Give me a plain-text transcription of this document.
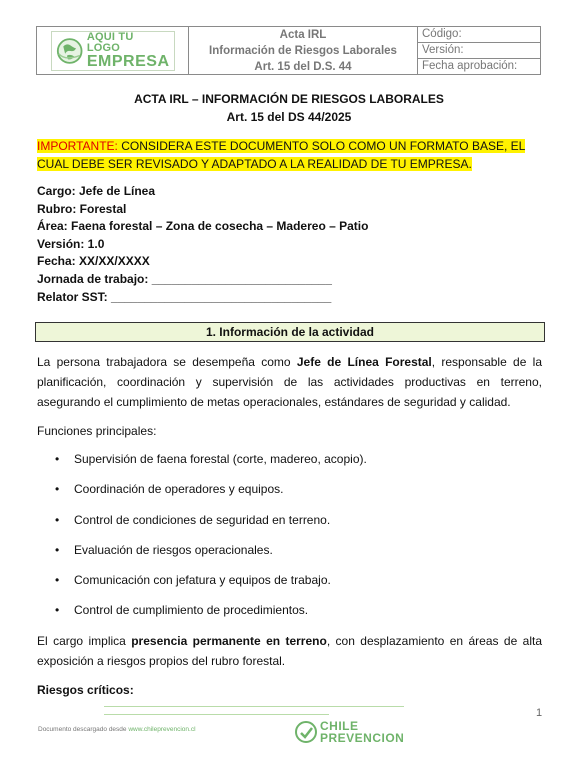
AQUI TU LOGO
EMPRESA
Acta IRL
Información de Riesgos Laborales
Art. 15 del D.S. 44
Código:
Versión:
Fecha aprobación:
ACTA IRL – INFORMACIÓN DE RIESGOS LABORALES
Art. 15 del DS 44/2025
IMPORTANTE: CONSIDERA ESTE DOCUMENTO SOLO COMO UN FORMATO BASE, EL CUAL DEBE SER REVISADO Y ADAPTADO A LA REALIDAD DE TU EMPRESA.
Cargo: Jefe de Línea
Rubro: Forestal
Área: Faena forestal – Zona de cosecha – Madereo – Patio
Versión: 1.0
Fecha: XX/XX/XXXX
Jornada de trabajo: ___________________________
Relator SST: _________________________________
1. Información de la actividad
La persona trabajadora se desempeña como Jefe de Línea Forestal, responsable de la planificación, coordinación y supervisión de las actividades productivas en terreno, asegurando el cumplimiento de metas operacionales, estándares de seguridad y calidad.
Funciones principales:
• Supervisión de faena forestal (corte, madereo, acopio).
• Coordinación de operadores y equipos.
• Control de condiciones de seguridad en terreno.
• Evaluación de riesgos operacionales.
• Comunicación con jefatura y equipos de trabajo.
• Control de cumplimiento de procedimientos.
El cargo implica presencia permanente en terreno, con desplazamiento en áreas de alta exposición a riesgos propios del rubro forestal.
Riesgos críticos:
1
Documento descargado desde www.chileprevencion.cl	CHILE
PREVENCION
